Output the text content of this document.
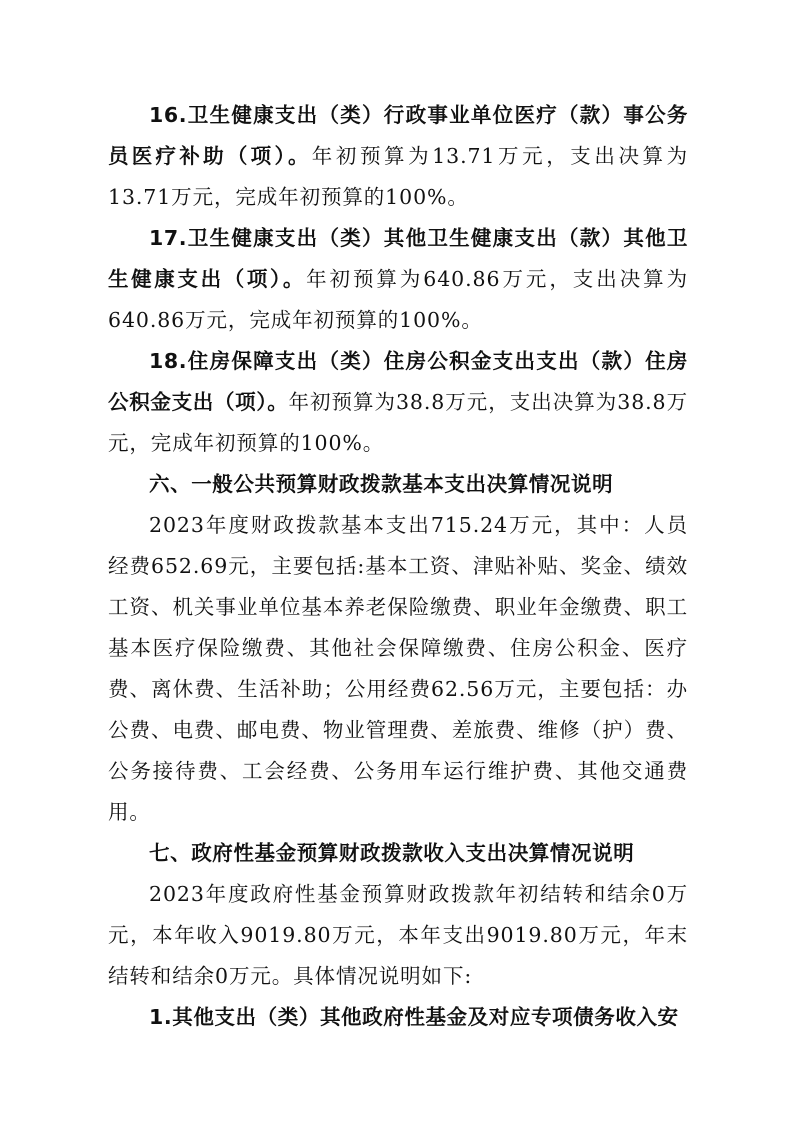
16.卫生健康支出（类）行政事业单位医疗（款）事公务员医疗补助（项）。年初预算为13.71万元，支出决算为13.71万元，完成年初预算的100%。

17.卫生健康支出（类）其他卫生健康支出（款）其他卫生健康支出（项）。年初预算为640.86万元，支出决算为640.86万元，完成年初预算的100%。

18.住房保障支出（类）住房公积金支出支出（款）住房公积金支出（项）。年初预算为38.8万元，支出决算为38.8万元，完成年初预算的100%。

六、一般公共预算财政拨款基本支出决算情况说明

2023年度财政拨款基本支出715.24万元，其中：人员经费652.69元，主要包括:基本工资、津贴补贴、奖金、绩效工资、机关事业单位基本养老保险缴费、职业年金缴费、职工基本医疗保险缴费、其他社会保障缴费、住房公积金、医疗费、离休费、生活补助；公用经费62.56万元，主要包括：办公费、电费、邮电费、物业管理费、差旅费、维修（护）费、公务接待费、工会经费、公务用车运行维护费、其他交通费用。

七、政府性基金预算财政拨款收入支出决算情况说明

2023年度政府性基金预算财政拨款年初结转和结余0万元，本年收入9019.80万元，本年支出9019.80万元，年末结转和结余0万元。具体情况说明如下:

1.其他支出（类）其他政府性基金及对应专项债务收入安
